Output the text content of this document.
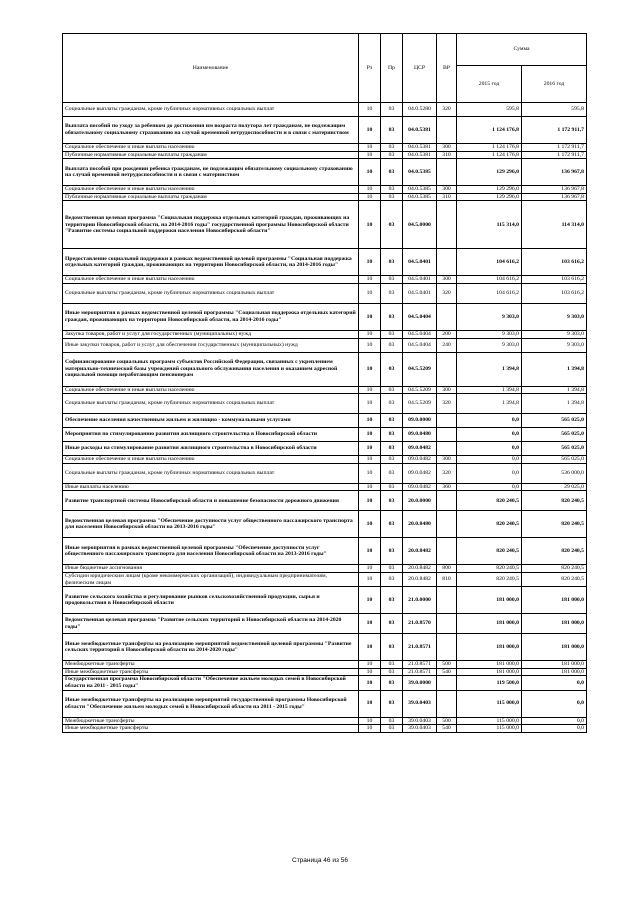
Наименование	Рз	Пр	ЦСР	ВР	Сумма	
					2015 год	2016 год
Социальные выплаты гражданам, кроме публичных нормативных социальных выплат	10	03	04.0.5280	320	595,8	595,8
Выплата пособий по уходу за ребенком до достижения им возраста полутора лет гражданам, не подлежащим обязательному социальному страхованию на случай временной нетрудоспособности и в связи с материнством	10	03	04.0.5381		1 124 176,8	1 172 911,7
Социальное обеспечение и иные выплаты населению	10	03	04.0.5381	300	1 124 176,8	1 172 911,7
Публичные нормативные социальные выплаты гражданам	10	03	04.0.5381	310	1 124 176,8	1 172 911,7
Выплата пособий при рождении ребенка гражданам, не подлежащим обязательному социальному страхованию на случай временной нетрудоспособности и в связи с материнством	10	03	04.0.5385		129 296,0	136 967,8
Социальное обеспечение и иные выплаты населению	10	03	04.0.5385	300	129 296,0	136 967,8
Публичные нормативные социальные выплаты гражданам	10	03	04.0.5385	310	129 296,0	136 967,8
Ведомственная целевая программа "Социальная поддержка отдельных категорий граждан, проживающих на территории Новосибирской области, на 2014-2016 годы" государственной программы Новосибирской области "Развитие системы социальной поддержки населения Новосибирской области"	10	03	04.5.0000		115 314,0	114 314,0
Предоставление социальной поддержки в рамках ведомственной целевой программы "Социальная поддержка отдельных категорий граждан, проживающих на территории Новосибирской области, на 2014-2016 годы"	10	03	04.5.0401		104 616,2	103 616,2
Социальное обеспечение и иные выплаты населению	10	03	04.5.0401	300	104 616,2	103 616,2
Социальные выплаты гражданам, кроме публичных нормативных социальных выплат	10	03	04.5.0401	320	104 616,2	103 616,2
Иные мероприятия в рамках ведомственной целевой программы "Социальная поддержка отдельных категорий граждан, проживающих на территории Новосибирской области, на 2014-2016 годы"	10	03	04.5.0404		9 303,0	9 303,0
Закупка товаров, работ и услуг для государственных (муниципальных) нужд	10	03	04.5.0404	200	9 303,0	9 303,0
Иные закупки товаров, работ и услуг для обеспечения государственных (муниципальных) нужд	10	03	04.5.0404	240	9 303,0	9 303,0
Софинансирование социальных программ субъектов Российской Федерации, связанных с укреплением материально-технической базы учреждений социального обслуживания населения и оказанием адресной социальной помощи неработающим пенсионерам	10	03	04.5.5209		1 394,8	1 394,8
Социальное обеспечение и иные выплаты населению	10	03	04.5.5209	300	1 394,8	1 394,8
Социальные выплаты гражданам, кроме публичных нормативных социальных выплат	10	03	04.5.5209	320	1 394,8	1 394,8
Обеспечение населения качественным жильем и жилищно - коммунальными услугами	10	03	09.0.0000		0,0	565 025,0
Мероприятия по стимулированию развития жилищного строительства в Новосибирской области	10	03	09.0.0480		0,0	565 025,0
Иные расходы на стимулирование развития жилищного строительства в Новосибирской области	10	03	09.0.0482		0,0	565 025,0
Социальное обеспечение и иные выплаты населению	10	03	09.0.0482	300	0,0	565 025,0
Социальные выплаты гражданам, кроме публичных нормативных социальных выплат	10	03	09.0.0482	320	0,0	536 000,0
Иные выплаты населению	10	03	09.0.0482	360	0,0	29 025,0
Развитие транспортной системы Новосибирской области и повышение безопасности дорожного движения	10	03	20.0.0000		820 240,5	820 240,5
Ведомственная целевая программа "Обеспечение доступности услуг общественного пассажирского транспорта для населения Новосибирской области на 2013-2016 годы"	10	03	20.0.8480		820 240,5	820 240,5
Иные мероприятия в рамках ведомственной целевой программы "Обеспечение доступности услуг общественного пассажирского транспорта для населения Новосибирской области на 2013-2016 годы"	10	03	20.0.8482		820 240,5	820 240,5
Иные бюджетные ассигнования	10	03	20.0.8482	800	820 240,5	820 240,5
Субсидии юридическим лицам (кроме некоммерческих организаций), индивидуальным предпринимателям, физическим лицам	10	03	20.0.8482	810	820 240,5	820 240,5
Развитие сельского хозяйства и регулирование рынков сельскохозяйственной продукции, сырья и продовольствия в Новосибирской области	10	03	21.0.0000		181 000,0	181 000,0
Ведомственная целевая программа "Развитие сельских территорий в Новосибирской области на 2014-2020 годы"	10	03	21.0.8570		181 000,0	181 000,0
Иные межбюджетные трансферты на реализацию мероприятий ведомственной целевой программы "Развитие сельских территорий в Новосибирской области на 2014-2020 годы"	10	03	21.0.8571		181 000,0	181 000,0
Межбюджетные трансферты	10	03	21.0.8571	500	181 000,0	181 000,0
Иные межбюджетные трансферты	10	03	21.0.8571	540	181 000,0	181 000,0
Государственная программа Новосибирской области "Обеспечение жильем молодых семей в Новосибирской области на 2011 - 2015 годы"	10	03	39.0.0000		119 500,0	0,0
Иные межбюджетные трансферты на реализацию мероприятий государственной программы Новосибирской области "Обеспечение жильем молодых семей в Новосибирской области на 2011 - 2015 годы"	10	03	39.0.0403		115 000,0	0,0
Межбюджетные трансферты	10	03	39.0.0403	500	115 000,0	0,0
Иные межбюджетные трансферты	10	03	39.0.0403	540	115 000,0	0,0
Страница 46 из 56
